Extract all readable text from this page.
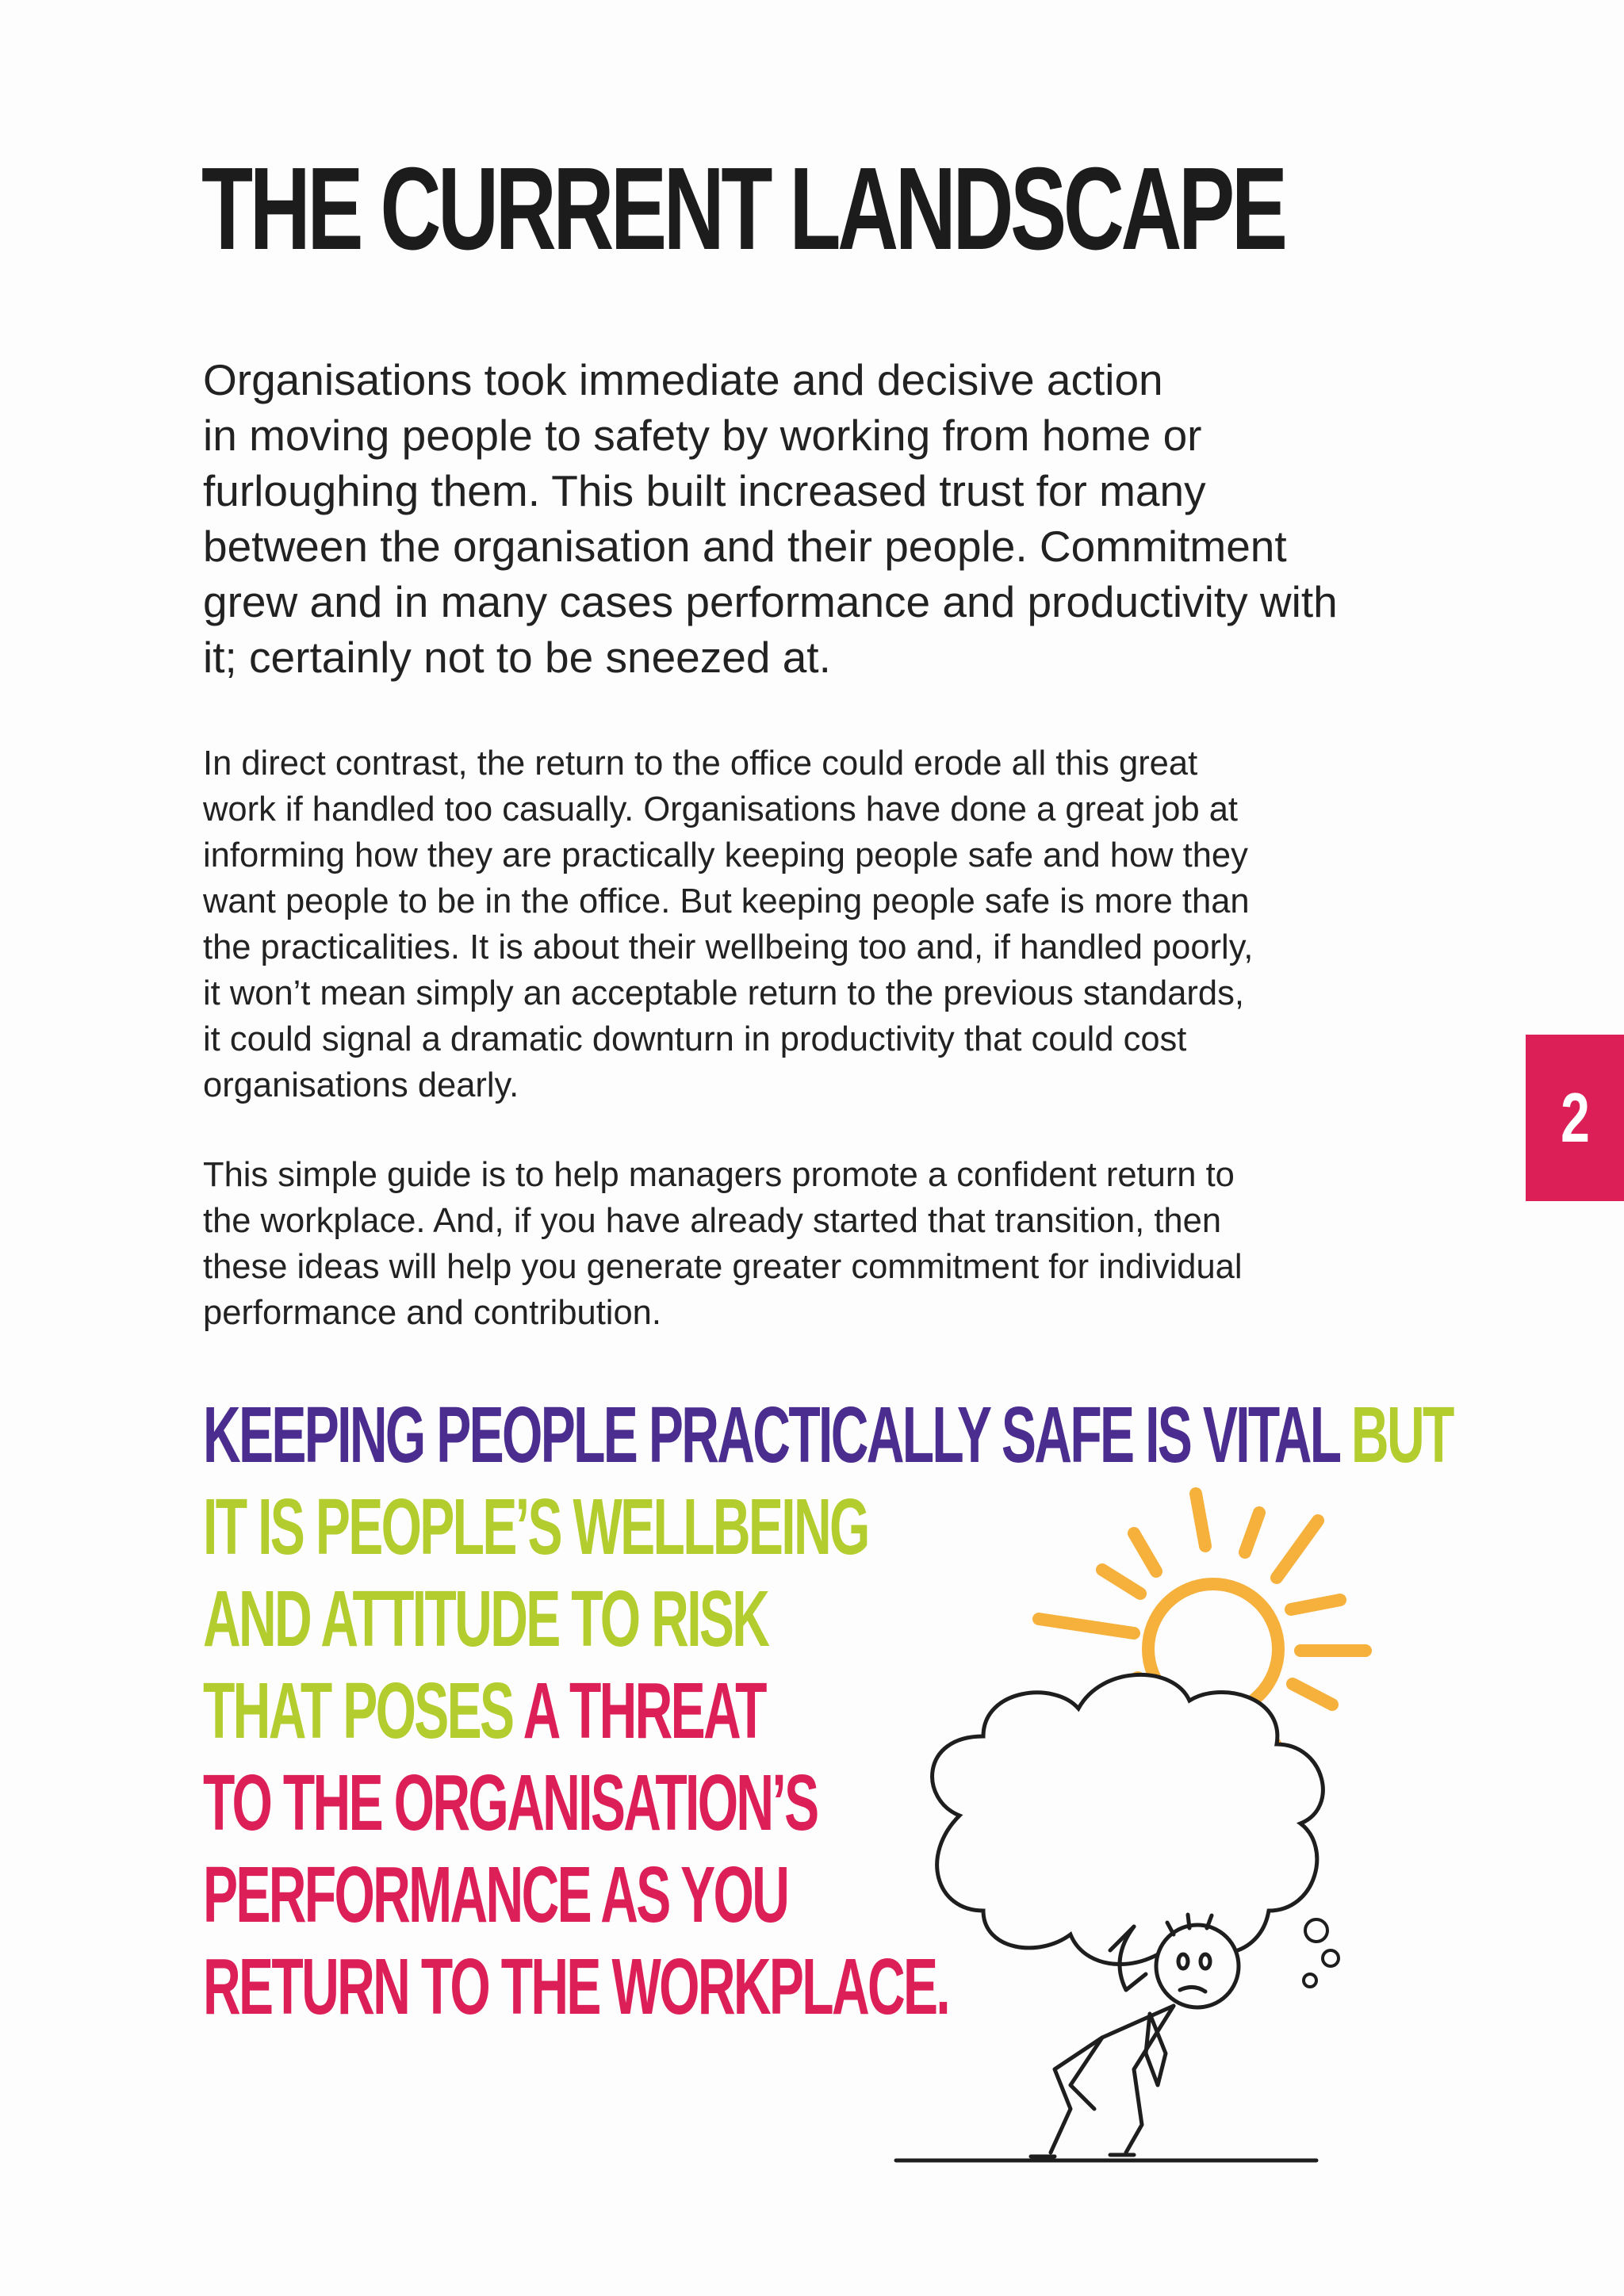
THE CURRENT LANDSCAPE

Organisations took immediate and decisive action
in moving people to safety by working from home or
furloughing them. This built increased trust for many
between the organisation and their people. Commitment
grew and in many cases performance and productivity with
it; certainly not to be sneezed at.

In direct contrast, the return to the office could erode all this great
work if handled too casually. Organisations have done a great job at
informing how they are practically keeping people safe and how they
want people to be in the office. But keeping people safe is more than
the practicalities. It is about their wellbeing too and, if handled poorly,
it won’t mean simply an acceptable return to the previous standards,
it could signal a dramatic downturn in productivity that could cost
organisations dearly.

This simple guide is to help managers promote a confident return to
the workplace. And, if you have already started that transition, then
these ideas will help you generate greater commitment for individual
performance and contribution.

2
KEEPING PEOPLE PRACTICALLY SAFE IS VITAL BUT
IT IS PEOPLE’S WELLBEING
AND ATTITUDE TO RISK
THAT POSES A THREAT
TO THE ORGANISATION’S
PERFORMANCE AS YOU
RETURN TO THE WORKPLACE.
